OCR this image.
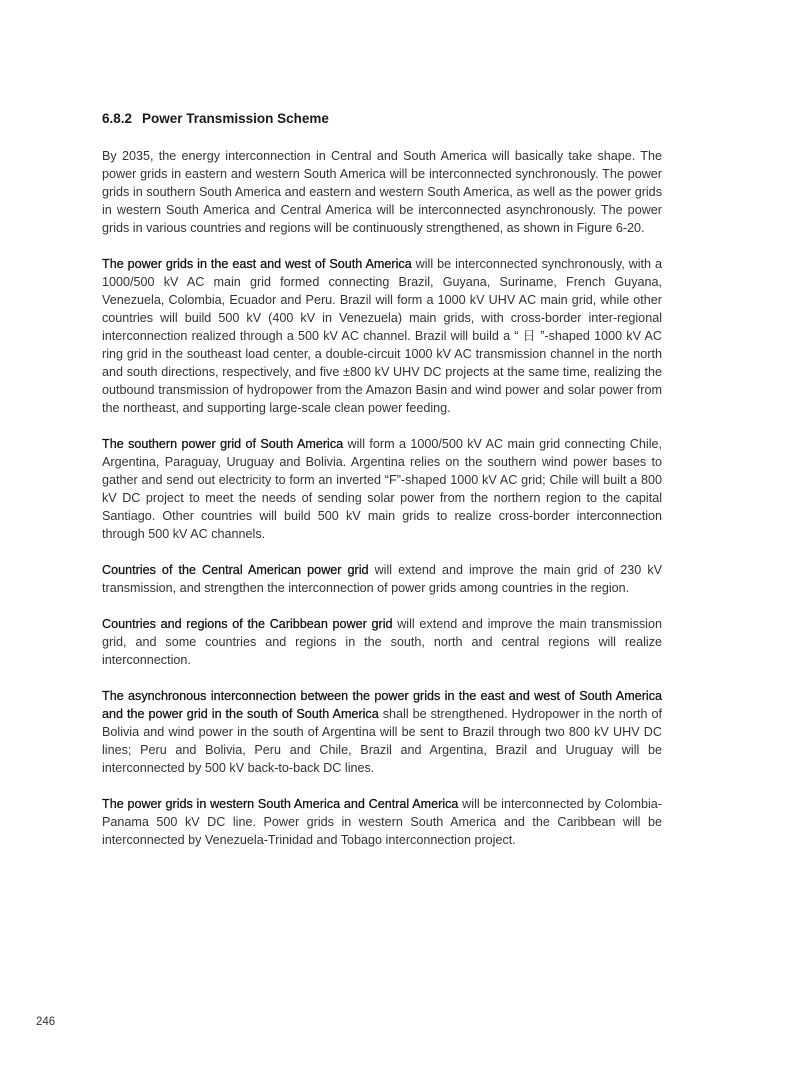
6.8.2 Power Transmission Scheme

By 2035, the energy interconnection in Central and South America will basically take shape. The power grids in eastern and western South America will be interconnected synchronously. The power grids in southern South America and eastern and western South America, as well as the power grids in western South America and Central America will be interconnected asynchronously. The power grids in various countries and regions will be continuously strengthened, as shown in Figure 6-20.

The power grids in the east and west of South America will be interconnected synchronously, with a 1000/500 kV AC main grid formed connecting Brazil, Guyana, Suriname, French Guyana, Venezuela, Colombia, Ecuador and Peru. Brazil will form a 1000 kV UHV AC main grid, while other countries will build 500 kV (400 kV in Venezuela) main grids, with cross-border inter-regional interconnection realized through a 500 kV AC channel. Brazil will build a “ 日 ”-shaped 1000 kV AC ring grid in the southeast load center, a double-circuit 1000 kV AC transmission channel in the north and south directions, respectively, and five ±800 kV UHV DC projects at the same time, realizing the outbound transmission of hydropower from the Amazon Basin and wind power and solar power from the northeast, and supporting large-scale clean power feeding.

The southern power grid of South America will form a 1000/500 kV AC main grid connecting Chile, Argentina, Paraguay, Uruguay and Bolivia. Argentina relies on the southern wind power bases to gather and send out electricity to form an inverted “F”-shaped 1000 kV AC grid; Chile will built a 800 kV DC project to meet the needs of sending solar power from the northern region to the capital Santiago. Other countries will build 500 kV main grids to realize cross-border interconnection through 500 kV AC channels.

Countries of the Central American power grid will extend and improve the main grid of 230 kV transmission, and strengthen the interconnection of power grids among countries in the region.

Countries and regions of the Caribbean power grid will extend and improve the main transmission grid, and some countries and regions in the south, north and central regions will realize interconnection.

The asynchronous interconnection between the power grids in the east and west of South America and the power grid in the south of South America shall be strengthened. Hydropower in the north of Bolivia and wind power in the south of Argentina will be sent to Brazil through two 800 kV UHV DC lines; Peru and Bolivia, Peru and Chile, Brazil and Argentina, Brazil and Uruguay will be interconnected by 500 kV back-to-back DC lines.

The power grids in western South America and Central America will be interconnected by Colombia-Panama 500 kV DC line. Power grids in western South America and the Caribbean will be interconnected by Venezuela-Trinidad and Tobago interconnection project.

246
